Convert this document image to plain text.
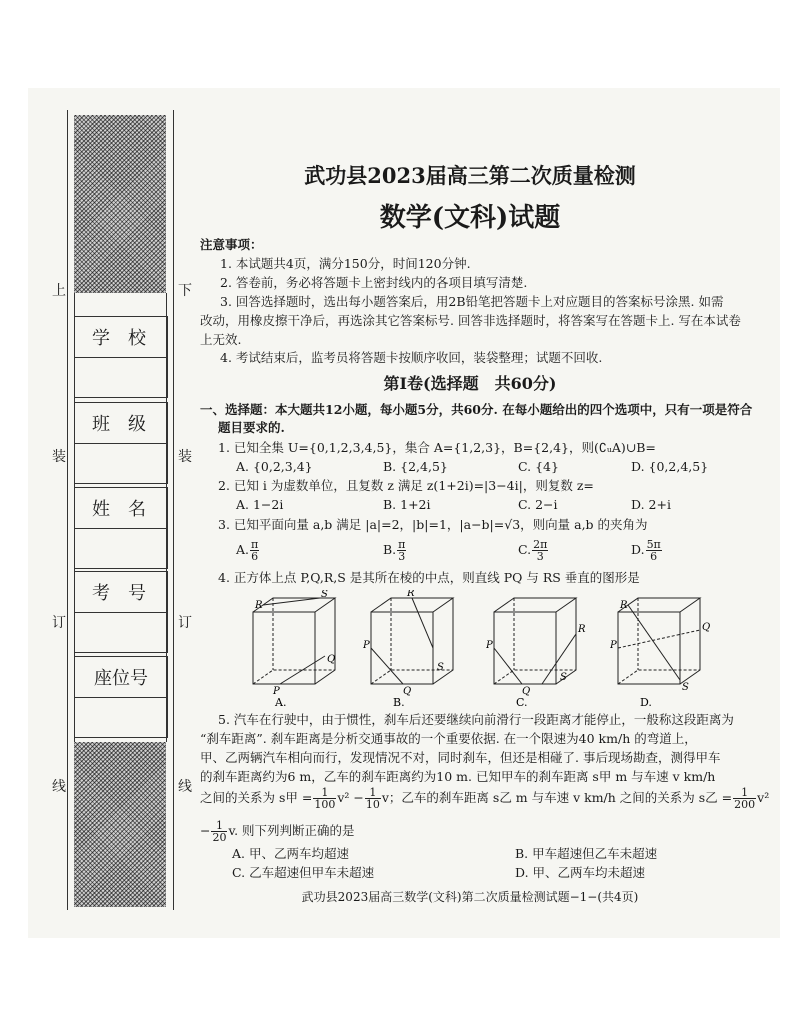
上	下
装	装
订	订
线	线
学校
班级
姓名
考号
座位号
武功县2023届高三第二次质量检测
数学(文科)试题
注意事项：
1. 本试题共4页，满分150分，时间120分钟.
2. 答卷前，务必将答题卡上密封线内的各项目填写清楚.
3. 回答选择题时，选出每小题答案后，用2B铅笔把答题卡上对应题目的答案标号涂黑. 如需
改动，用橡皮擦干净后，再选涂其它答案标号. 回答非选择题时，将答案写在答题卡上. 写在本试卷
上无效.
4. 考试结束后，监考员将答题卡按顺序收回，装袋整理；试题不回收.
第Ⅰ卷(选择题　共60分)
一、选择题：本大题共12小题，每小题5分，共60分. 在每小题给出的四个选项中，只有一项是符合
题目要求的.
1. 已知全集 U={0,1,2,3,4,5}，集合 A={1,2,3}，B={2,4}，则(∁ᵤA)∪B=
A. {0,2,3,4}	B. {2,4,5}	C. {4}	D. {0,2,4,5}
2. 已知 i 为虚数单位，且复数 z 满足 z(1+2i)=|3−4i|，则复数 z=
A. 1−2i	B. 1+2i	C. 2−i	D. 2+i
3. 已知平面向量 a,b 满足 |a|=2，|b|=1，|a−b|=√3，则向量 a,b 的夹角为
A. $\frac{\pi}{6}$	B. $\frac{\pi}{3}$	C. $\frac{2\pi}{3}$	D. $\frac{5\pi}{6}$
4. 正方体上点 P,Q,R,S 是其所在棱的中点，则直线 PQ 与 RS 垂直的图形是
R
S
P
Q
A.
P
Q
R
S
B.
P
Q
R
S
C.
P
Q
R
S
D.
5. 汽车在行驶中，由于惯性，刹车后还要继续向前滑行一段距离才能停止，一般称这段距离为
“刹车距离”. 刹车距离是分析交通事故的一个重要依据. 在一个限速为40 km/h 的弯道上，
甲、乙两辆汽车相向而行，发现情况不对，同时刹车，但还是相碰了. 事后现场勘查，测得甲车
的刹车距离约为6 m，乙车的刹车距离约为10 m. 已知甲车的刹车距离 s甲 m 与车速 v km/h
之间的关系为 s甲 = $\frac{1}{100} v^2 - \frac{1}{10}$ v；乙车的刹车距离 s乙 m 与车速 v km/h 之间的关系为 s乙 = $\frac{1}{200} v^2$
− $\frac{1}{20} v$. 则下列判断正确的是
A. 甲、乙两车均超速	B. 甲车超速但乙车未超速
C. 乙车超速但甲车未超速	D. 甲、乙两车均未超速
武功县2023届高三数学(文科)第二次质量检测试题−1−(共4页)
